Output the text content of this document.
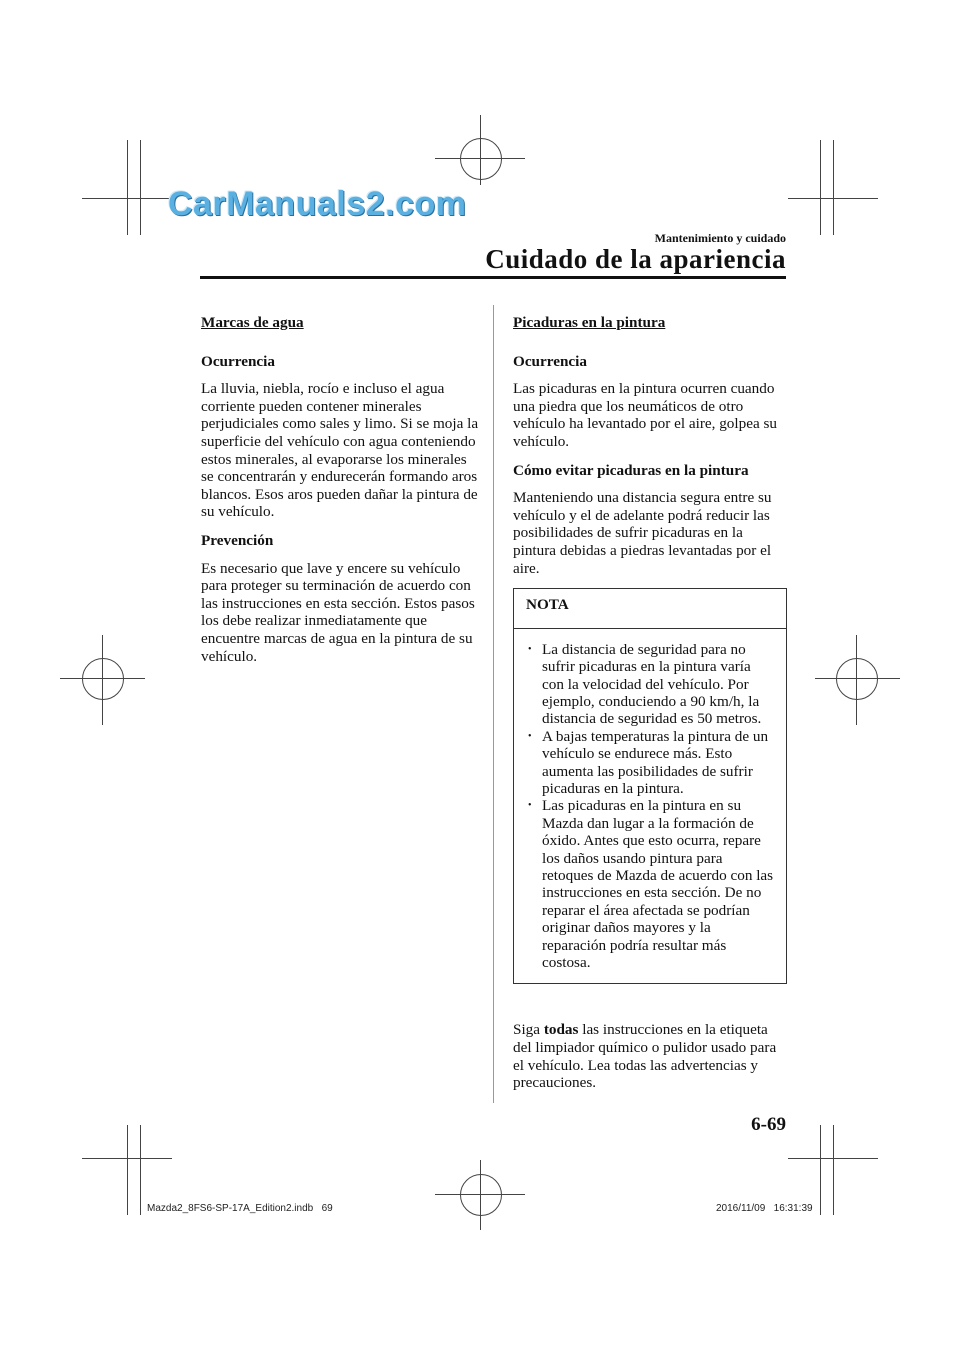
CarManuals2.com
Mantenimiento y cuidado
Cuidado de la apariencia

Marcas de agua

Ocurrencia

La lluvia, niebla, rocío e incluso el agua corriente pueden contener minerales perjudiciales como sales y limo. Si se moja la superficie del vehículo con agua conteniendo estos minerales, al evaporarse los minerales se concentrarán y endurecerán formando aros blancos. Esos aros pueden dañar la pintura de su vehículo.

Prevención

Es necesario que lave y encere su vehículo para proteger su terminación de acuerdo con las instrucciones en esta sección. Estos pasos los debe realizar inmediatamente que encuentre marcas de agua en la pintura de su vehículo.

Picaduras en la pintura

Ocurrencia

Las picaduras en la pintura ocurren cuando una piedra que los neumáticos de otro vehículo ha levantado por el aire, golpea su vehículo.

Cómo evitar picaduras en la pintura

Manteniendo una distancia segura entre su vehículo y el de adelante podrá reducir las posibilidades de sufrir picaduras en la pintura debidas a piedras levantadas por el aire.

NOTA
• La distancia de seguridad para no sufrir picaduras en la pintura varía con la velocidad del vehículo. Por ejemplo, conduciendo a 90 km/h, la distancia de seguridad es 50 metros.
• A bajas temperaturas la pintura de un vehículo se endurece más. Esto aumenta las posibilidades de sufrir picaduras en la pintura.
• Las picaduras en la pintura en su Mazda dan lugar a la formación de óxido. Antes que esto ocurra, repare los daños usando pintura para retoques de Mazda de acuerdo con las instrucciones en esta sección. De no reparar el área afectada se podrían originar daños mayores y la reparación podría resultar más costosa.

Siga todas las instrucciones en la etiqueta del limpiador químico o pulidor usado para el vehículo. Lea todas las advertencias y precauciones.

6-69
Mazda2_8FS6-SP-17A_Edition2.indb 69	2016/11/09 16:31:39
